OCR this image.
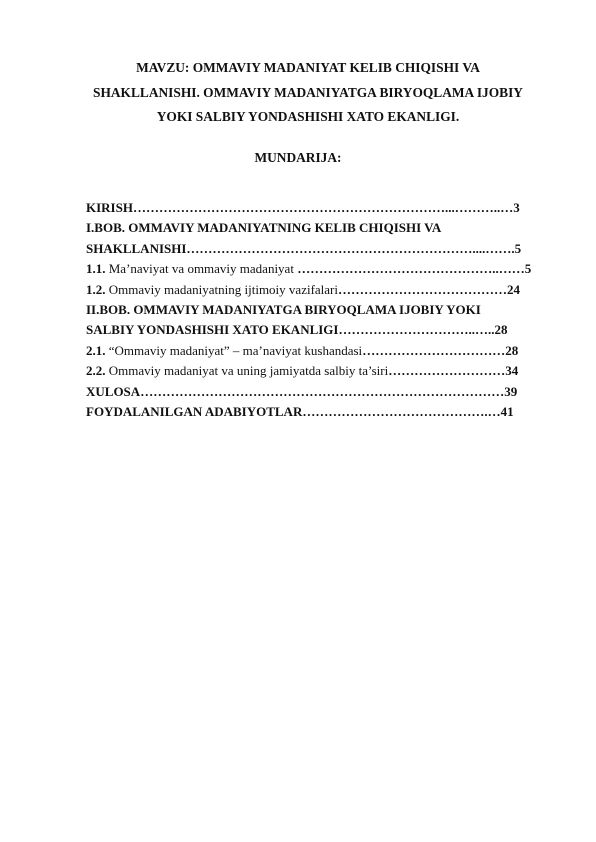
MAVZU: OMMAVIY MADANIYAT KELIB CHIQISHI VA
SHAKLLANISHI. OMMAVIY MADANIYATGA BIRYOQLAMA IJOBIY
YOKI SALBIY YONDASHISHI XATO EKANLIGI.
MUNDARIJA:
KIRISH………………………………………………………………...………..…3
I.BOB. OMMAVIY MADANIYATNING KELIB CHIQISHI VA
SHAKLLANISHI…………………………………………………………....…….5
1.1. Ma’naviyat va ommaviy madaniyat ………………………………………..……5
1.2. Ommaviy madaniyatning ijtimoiy vazifalari…………………………………24
II.BOB. OMMAVIY MADANIYATGA BIRYOQLAMA IJOBIY YOKI
SALBIY YONDASHISHI XATO EKANLIGI…………………………..…..28
2.1. “Ommaviy madaniyat” – ma’naviyat kushandasi……………………………28
2.2. Ommaviy madaniyat va uning jamiyatda salbiy ta’siri………………………34
XULOSA…………………………………………………………………………39
FOYDALANILGAN ADABIYOTLAR…………………………………….…41
